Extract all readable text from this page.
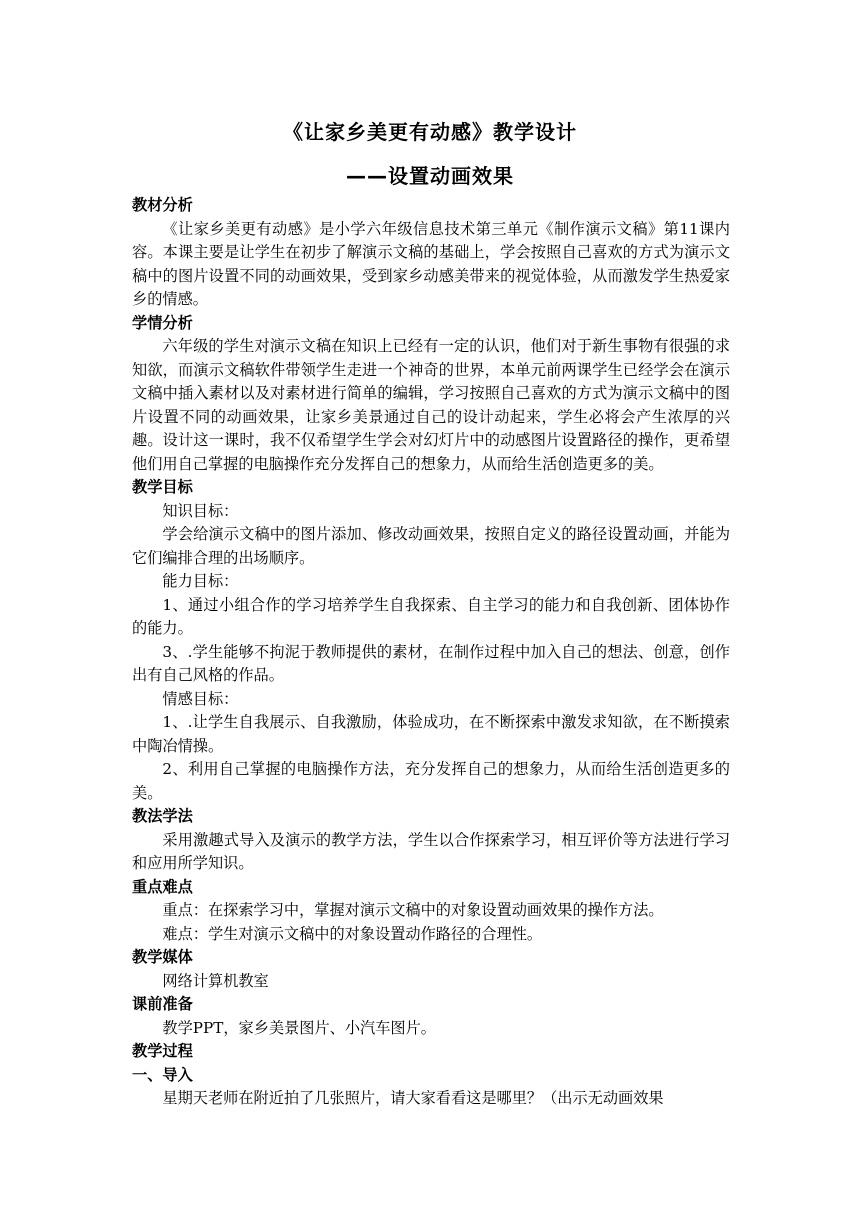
《让家乡美更有动感》教学设计
——设置动画效果
教材分析
《让家乡美更有动感》是小学六年级信息技术第三单元《制作演示文稿》第11课内容。本课主要是让学生在初步了解演示文稿的基础上，学会按照自己喜欢的方式为演示文稿中的图片设置不同的动画效果，受到家乡动感美带来的视觉体验，从而激发学生热爱家乡的情感。
学情分析
六年级的学生对演示文稿在知识上已经有一定的认识，他们对于新生事物有很强的求知欲，而演示文稿软件带领学生走进一个神奇的世界，本单元前两课学生已经学会在演示文稿中插入素材以及对素材进行简单的编辑，学习按照自己喜欢的方式为演示文稿中的图片设置不同的动画效果，让家乡美景通过自己的设计动起来，学生必将会产生浓厚的兴趣。设计这一课时，我不仅希望学生学会对幻灯片中的动感图片设置路径的操作，更希望他们用自己掌握的电脑操作充分发挥自己的想象力，从而给生活创造更多的美。
教学目标
知识目标：
学会给演示文稿中的图片添加、修改动画效果，按照自定义的路径设置动画，并能为它们编排合理的出场顺序。
能力目标：
1、通过小组合作的学习培养学生自我探索、自主学习的能力和自我创新、团体协作的能力。
3、.学生能够不拘泥于教师提供的素材，在制作过程中加入自己的想法、创意，创作出有自己风格的作品。
情感目标：
1、.让学生自我展示、自我激励，体验成功，在不断探索中激发求知欲，在不断摸索中陶冶情操。
2、利用自己掌握的电脑操作方法，充分发挥自己的想象力，从而给生活创造更多的美。
教法学法
采用激趣式导入及演示的教学方法，学生以合作探索学习，相互评价等方法进行学习和应用所学知识。
重点难点
重点：在探索学习中，掌握对演示文稿中的对象设置动画效果的操作方法。
难点：学生对演示文稿中的对象设置动作路径的合理性。
教学媒体
网络计算机教室
课前准备
教学PPT，家乡美景图片、小汽车图片。
教学过程
一、导入
星期天老师在附近拍了几张照片，请大家看看这是哪里？（出示无动画效果
